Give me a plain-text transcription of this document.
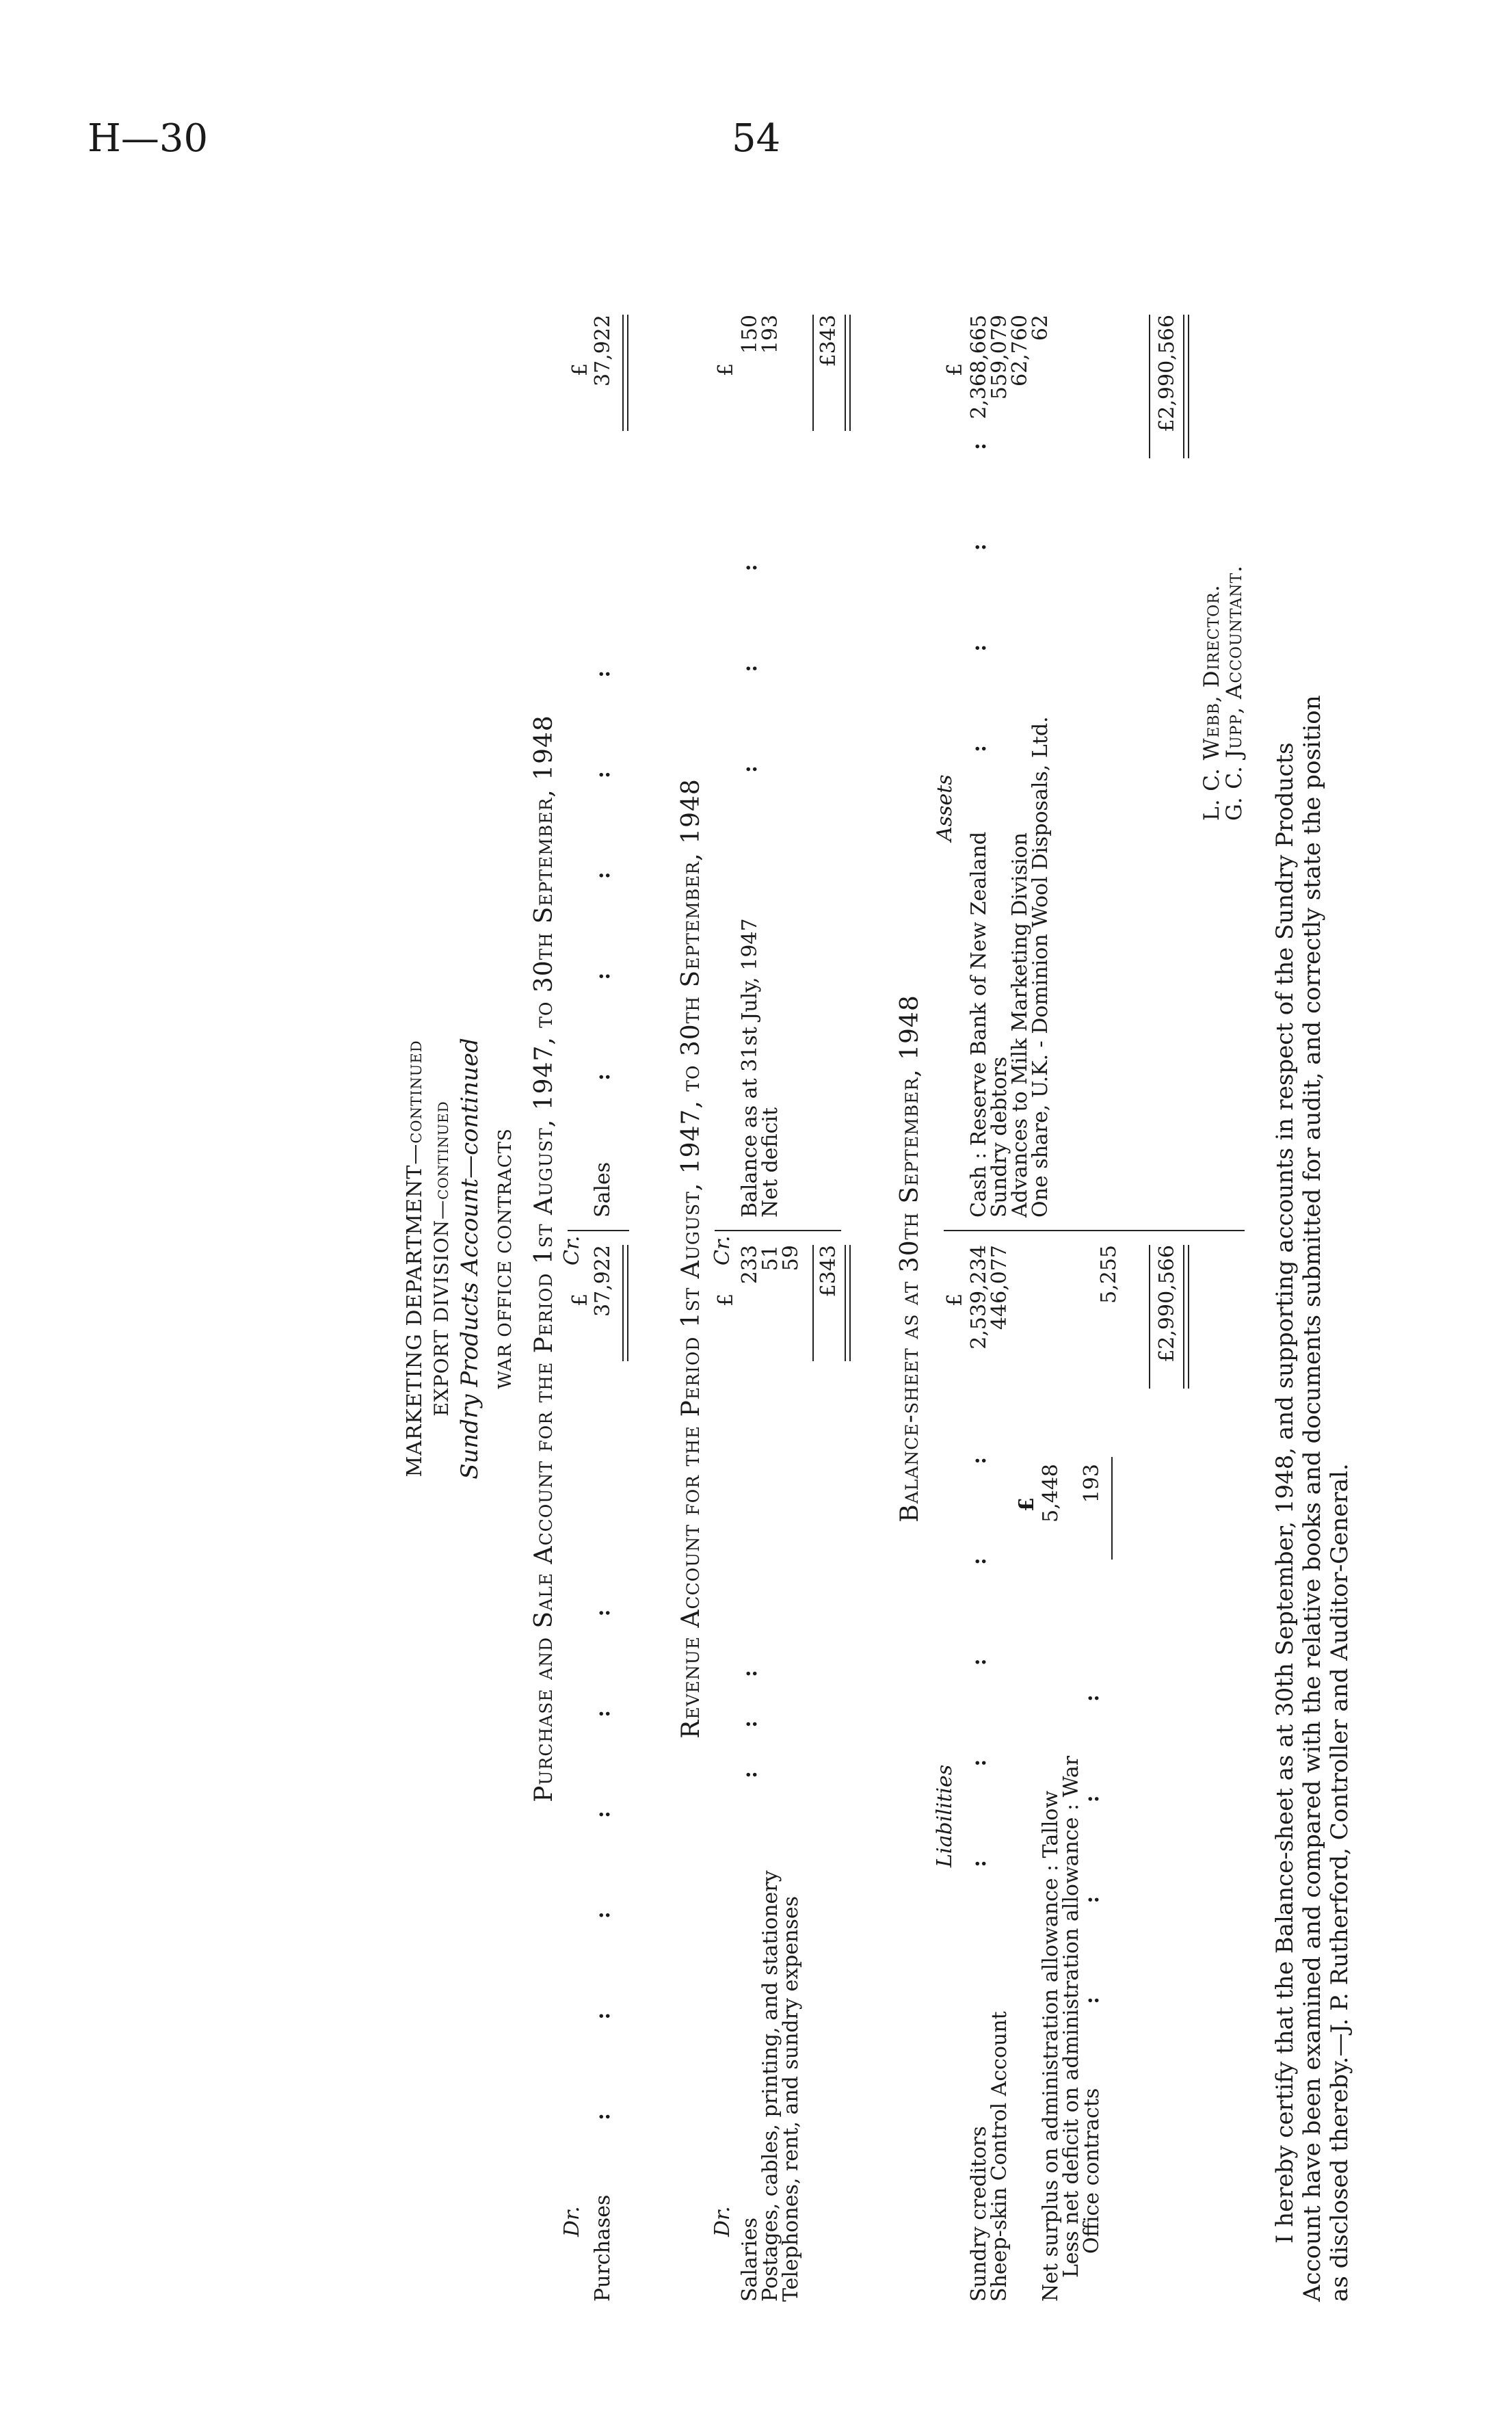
H—30	54
MARKETING DEPARTMENT—continued EXPORT DIVISION—continued Sundry Products Account—continued WAR OFFICE CONTRACTS Purchase and Sale Account for the Period 1st August, 1947, to 30th September, 1948
Dr.
Cr.
£
£
Purchases
:     :     :     :     :     :
37,922
Sales
:     :     :     :     :
37,922
Revenue Account for the Period 1st August, 1947, to 30th September, 1948
Dr.
Cr.
£
£
Salaries
233
Postages, cables, printing, and stationery
51
Telephones, rent, and sundry expenses
59
:  :  :
£343
Balance as at 31st July, 1947
150
Net deficit
193
:     :     :
£343
Balance-sheet as at 30th September, 1948
Liabilities
Assets
£
£
Sundry creditors
2,539,234
Sheep-skin Control Account
446,077
:     :     :     :     : £
Net surplus on administration allowance : Tallow
5,448
Less net deficit on administration allowance : War
Office contracts
:     :     :     :
193
5,255 £2,990,566
Cash : Reserve Bank of New Zealand
2,368,665
Sundry debtors
559,079
Advances to Milk Marketing Division
62,760
One share, U.K. - Dominion Wool Disposals, Ltd.
62
:     :     :     :
£2,990,566
L. C. Webb, Director.
G. C. Jupp, Accountant.
I hereby certify that the Balance-sheet as at 30th September, 1948, and supporting accounts in respect of the Sundry Products Account have been examined and compared with the relative books and documents submitted for audit, and correctly state the position as disclosed thereby.—J. P. Rutherford, Controller and Auditor-General.
